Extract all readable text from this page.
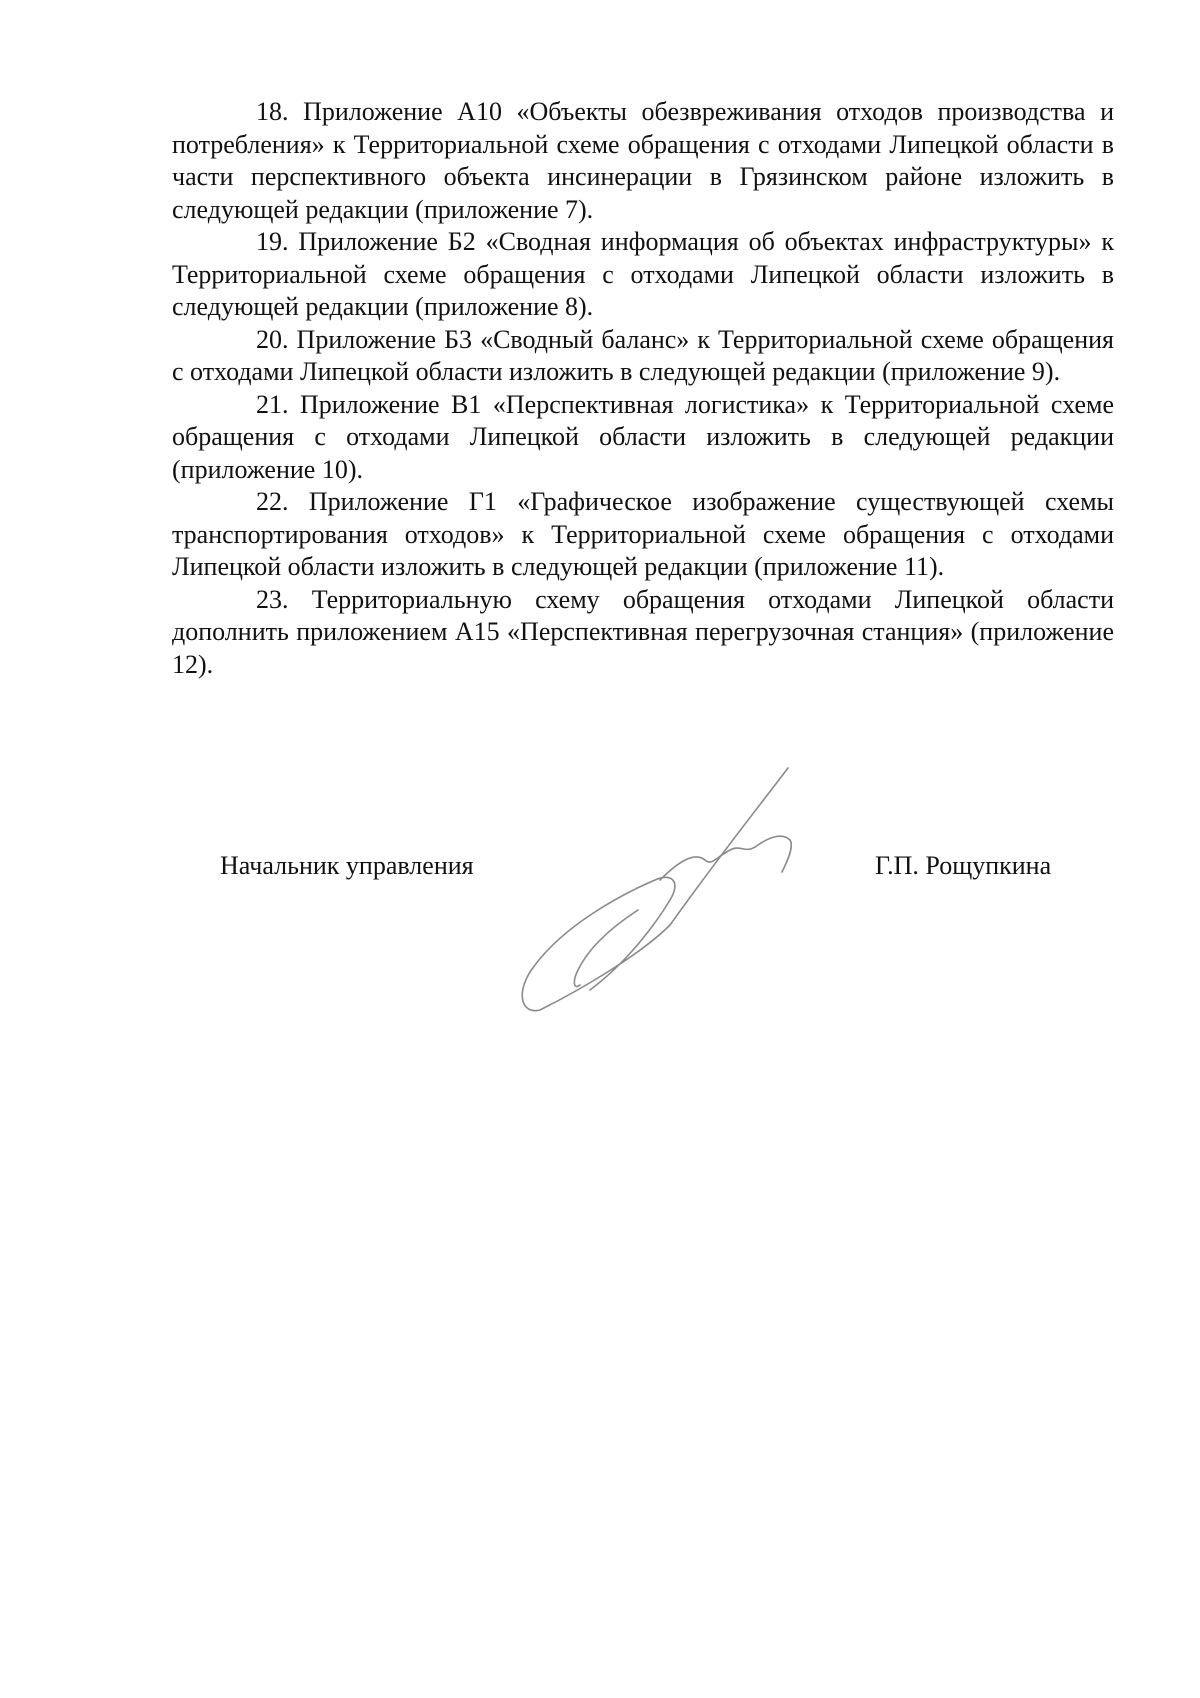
18. Приложение А10 «Объекты обезвреживания отходов производства и потребления» к Территориальной схеме обращения с отходами Липецкой области в части перспективного объекта инсинерации в Грязинском районе изложить в следующей редакции (приложение 7).

19. Приложение Б2 «Сводная информация об объектах инфраструктуры» к Территориальной схеме обращения с отходами Липецкой области изложить в следующей редакции (приложение 8).

20. Приложение Б3 «Сводный баланс» к Территориальной схеме обращения с отходами Липецкой области изложить в следующей редакции (приложение 9).

21. Приложение В1 «Перспективная логистика» к Территориальной схеме обращения с отходами Липецкой области изложить в следующей редакции (приложение 10).

22. Приложение Г1 «Графическое изображение существующей схемы транспортирования отходов» к Территориальной схеме обращения с отходами Липецкой области изложить в следующей редакции (приложение 11).

23. Территориальную схему обращения отходами Липецкой области дополнить приложением А15 «Перспективная перегрузочная станция» (приложение 12).

Начальник управления	Г.П. Рощупкина
